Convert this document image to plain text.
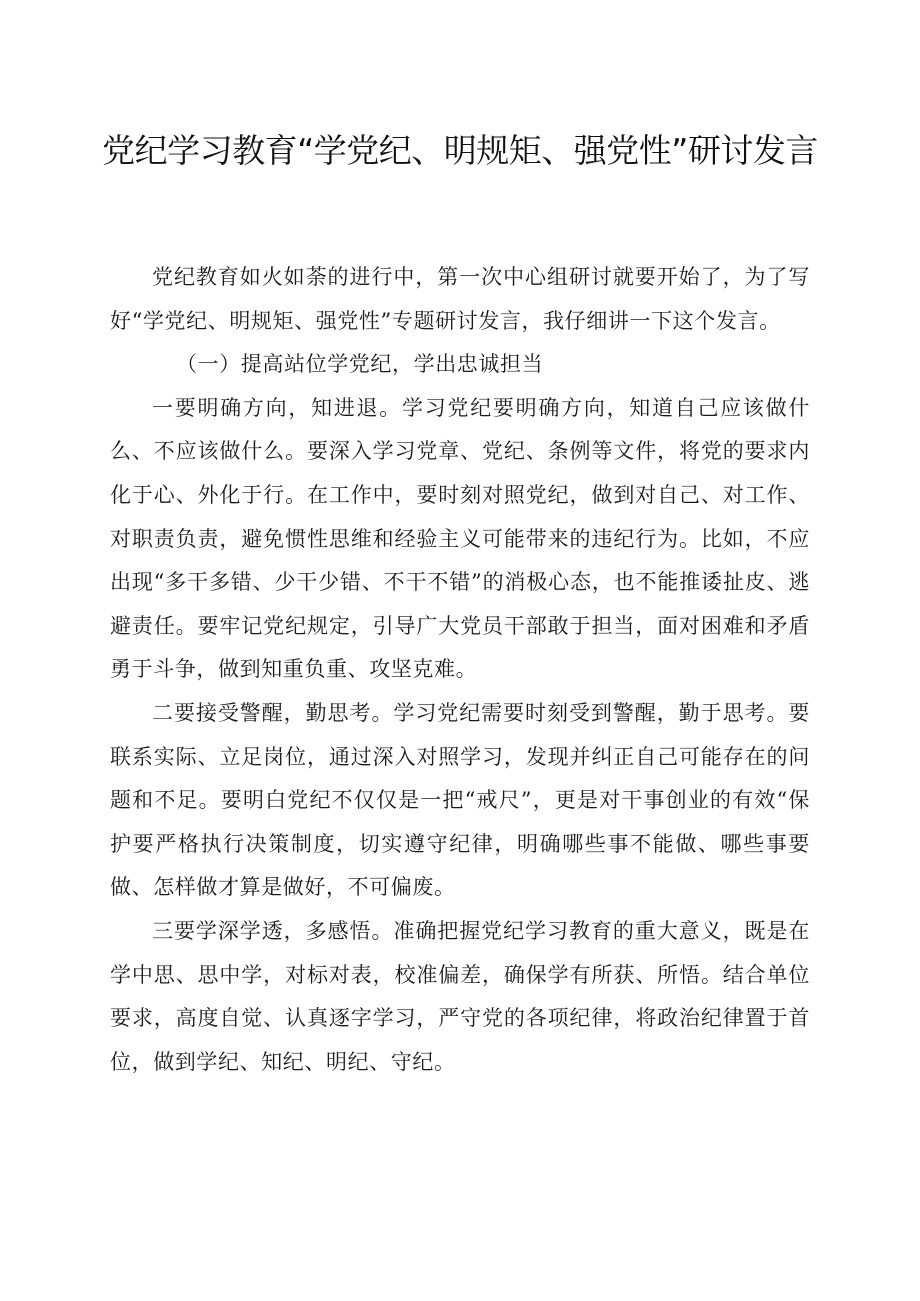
党纪学习教育“学党纪、明规矩、强党性”研讨发言

党纪教育如火如荼的进行中，第一次中心组研讨就要开始了，为了写好“学党纪、明规矩、强党性”专题研讨发言，我仔细讲一下这个发言。

（一）提高站位学党纪，学出忠诚担当

一要明确方向，知进退。学习党纪要明确方向，知道自己应该做什么、不应该做什么。要深入学习党章、党纪、条例等文件，将党的要求内化于心、外化于行。在工作中，要时刻对照党纪，做到对自己、对工作、对职责负责，避免惯性思维和经验主义可能带来的违纪行为。比如，不应出现“多干多错、少干少错、不干不错”的消极心态，也不能推诿扯皮、逃避责任。要牢记党纪规定，引导广大党员干部敢于担当，面对困难和矛盾勇于斗争，做到知重负重、攻坚克难。

二要接受警醒，勤思考。学习党纪需要时刻受到警醒，勤于思考。要联系实际、立足岗位，通过深入对照学习，发现并纠正自己可能存在的问题和不足。要明白党纪不仅仅是一把“戒尺”，更是对干事创业的有效“保护要严格执行决策制度，切实遵守纪律，明确哪些事不能做、哪些事要做、怎样做才算是做好，不可偏废。

三要学深学透，多感悟。准确把握党纪学习教育的重大意义，既是在学中思、思中学，对标对表，校准偏差，确保学有所获、所悟。结合单位要求，高度自觉、认真逐字学习，严守党的各项纪律，将政治纪律置于首位，做到学纪、知纪、明纪、守纪。
